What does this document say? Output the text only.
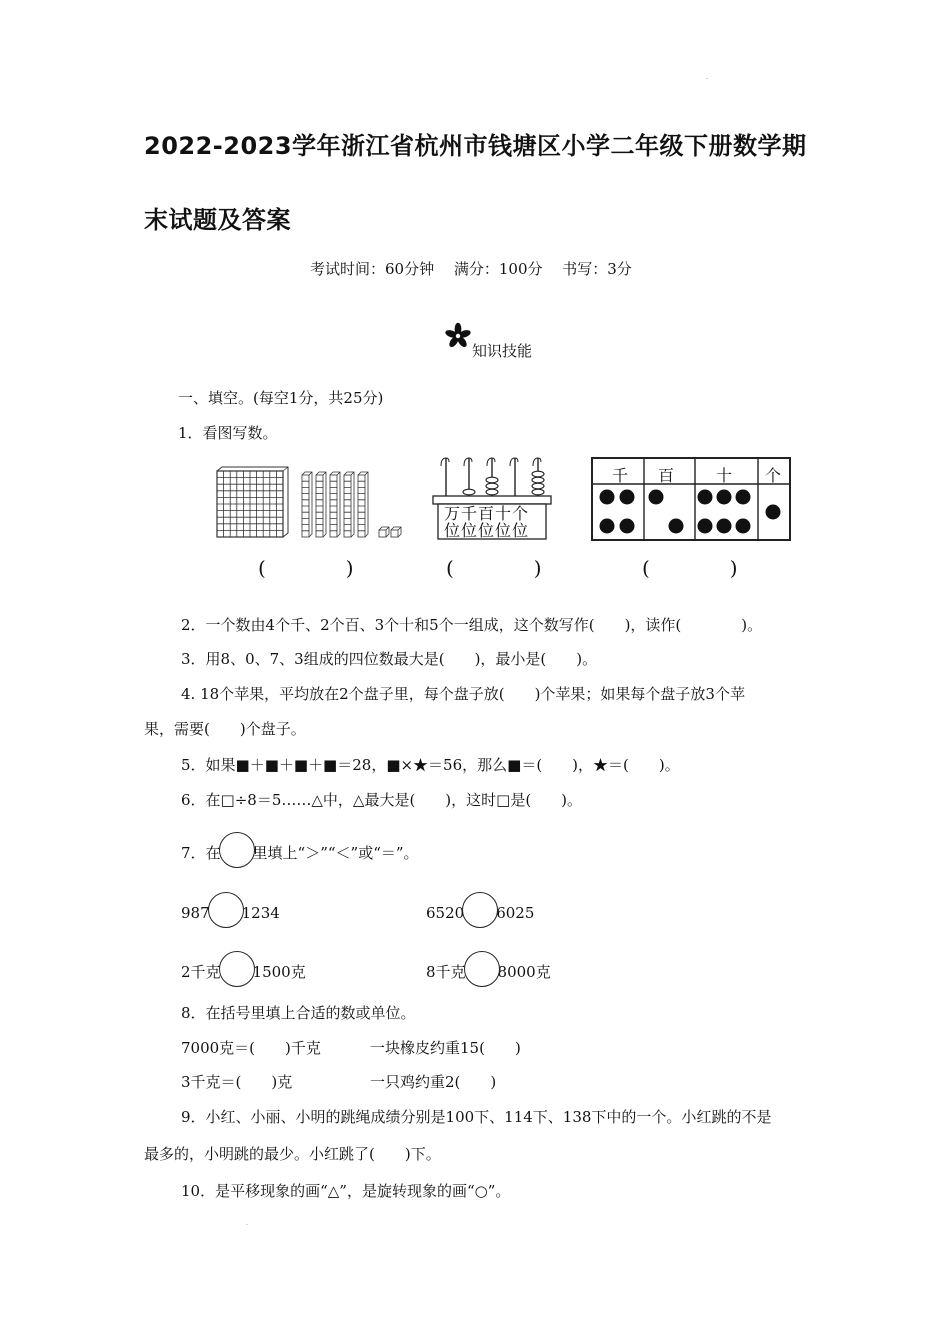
·
·
2022-2023学年浙江省杭州市钱塘区小学二年级下册数学期
末试题及答案
考试时间：60分钟　 满分：100分　 书写：3分
知识技能
一、填空。(每空1分，共25分)
1．看图写数。
(　　　　)
万千百十个
位位位位位
(　　　　)
千 百	十 个
(　　　　)
2．一个数由4个千、2个百、3个十和5个一组成，这个数写作(　　)，读作(　　　　)。
3．用8、0、7、3组成的四位数最大是(　　)，最小是(　　)。
4. 18个苹果，平均放在2个盘子里，每个盘子放(　　)个苹果；如果每个盘子放3个苹
果，需要(　　)个盘子。
5．如果■＋■＋■＋■＝28，■×★＝56，那么■＝(　　)，★＝(　　)。
6．在□÷8＝5……△中，△最大是(　　)，这时□是(　　)。
7．在 里填上“＞”“＜”或“＝”。
987 1234	6520 6025
2千克 1500克	8千克 8000克
8．在括号里填上合适的数或单位。
7000克＝(　　)千克	一块橡皮约重15(　　)
3千克＝(　　)克	一只鸡约重2(　　)
9．小红、小丽、小明的跳绳成绩分别是100下、114下、138下中的一个。小红跳的不是
最多的，小明跳的最少。小红跳了(　　)下。
10．是平移现象的画“△”，是旋转现象的画“○”。
